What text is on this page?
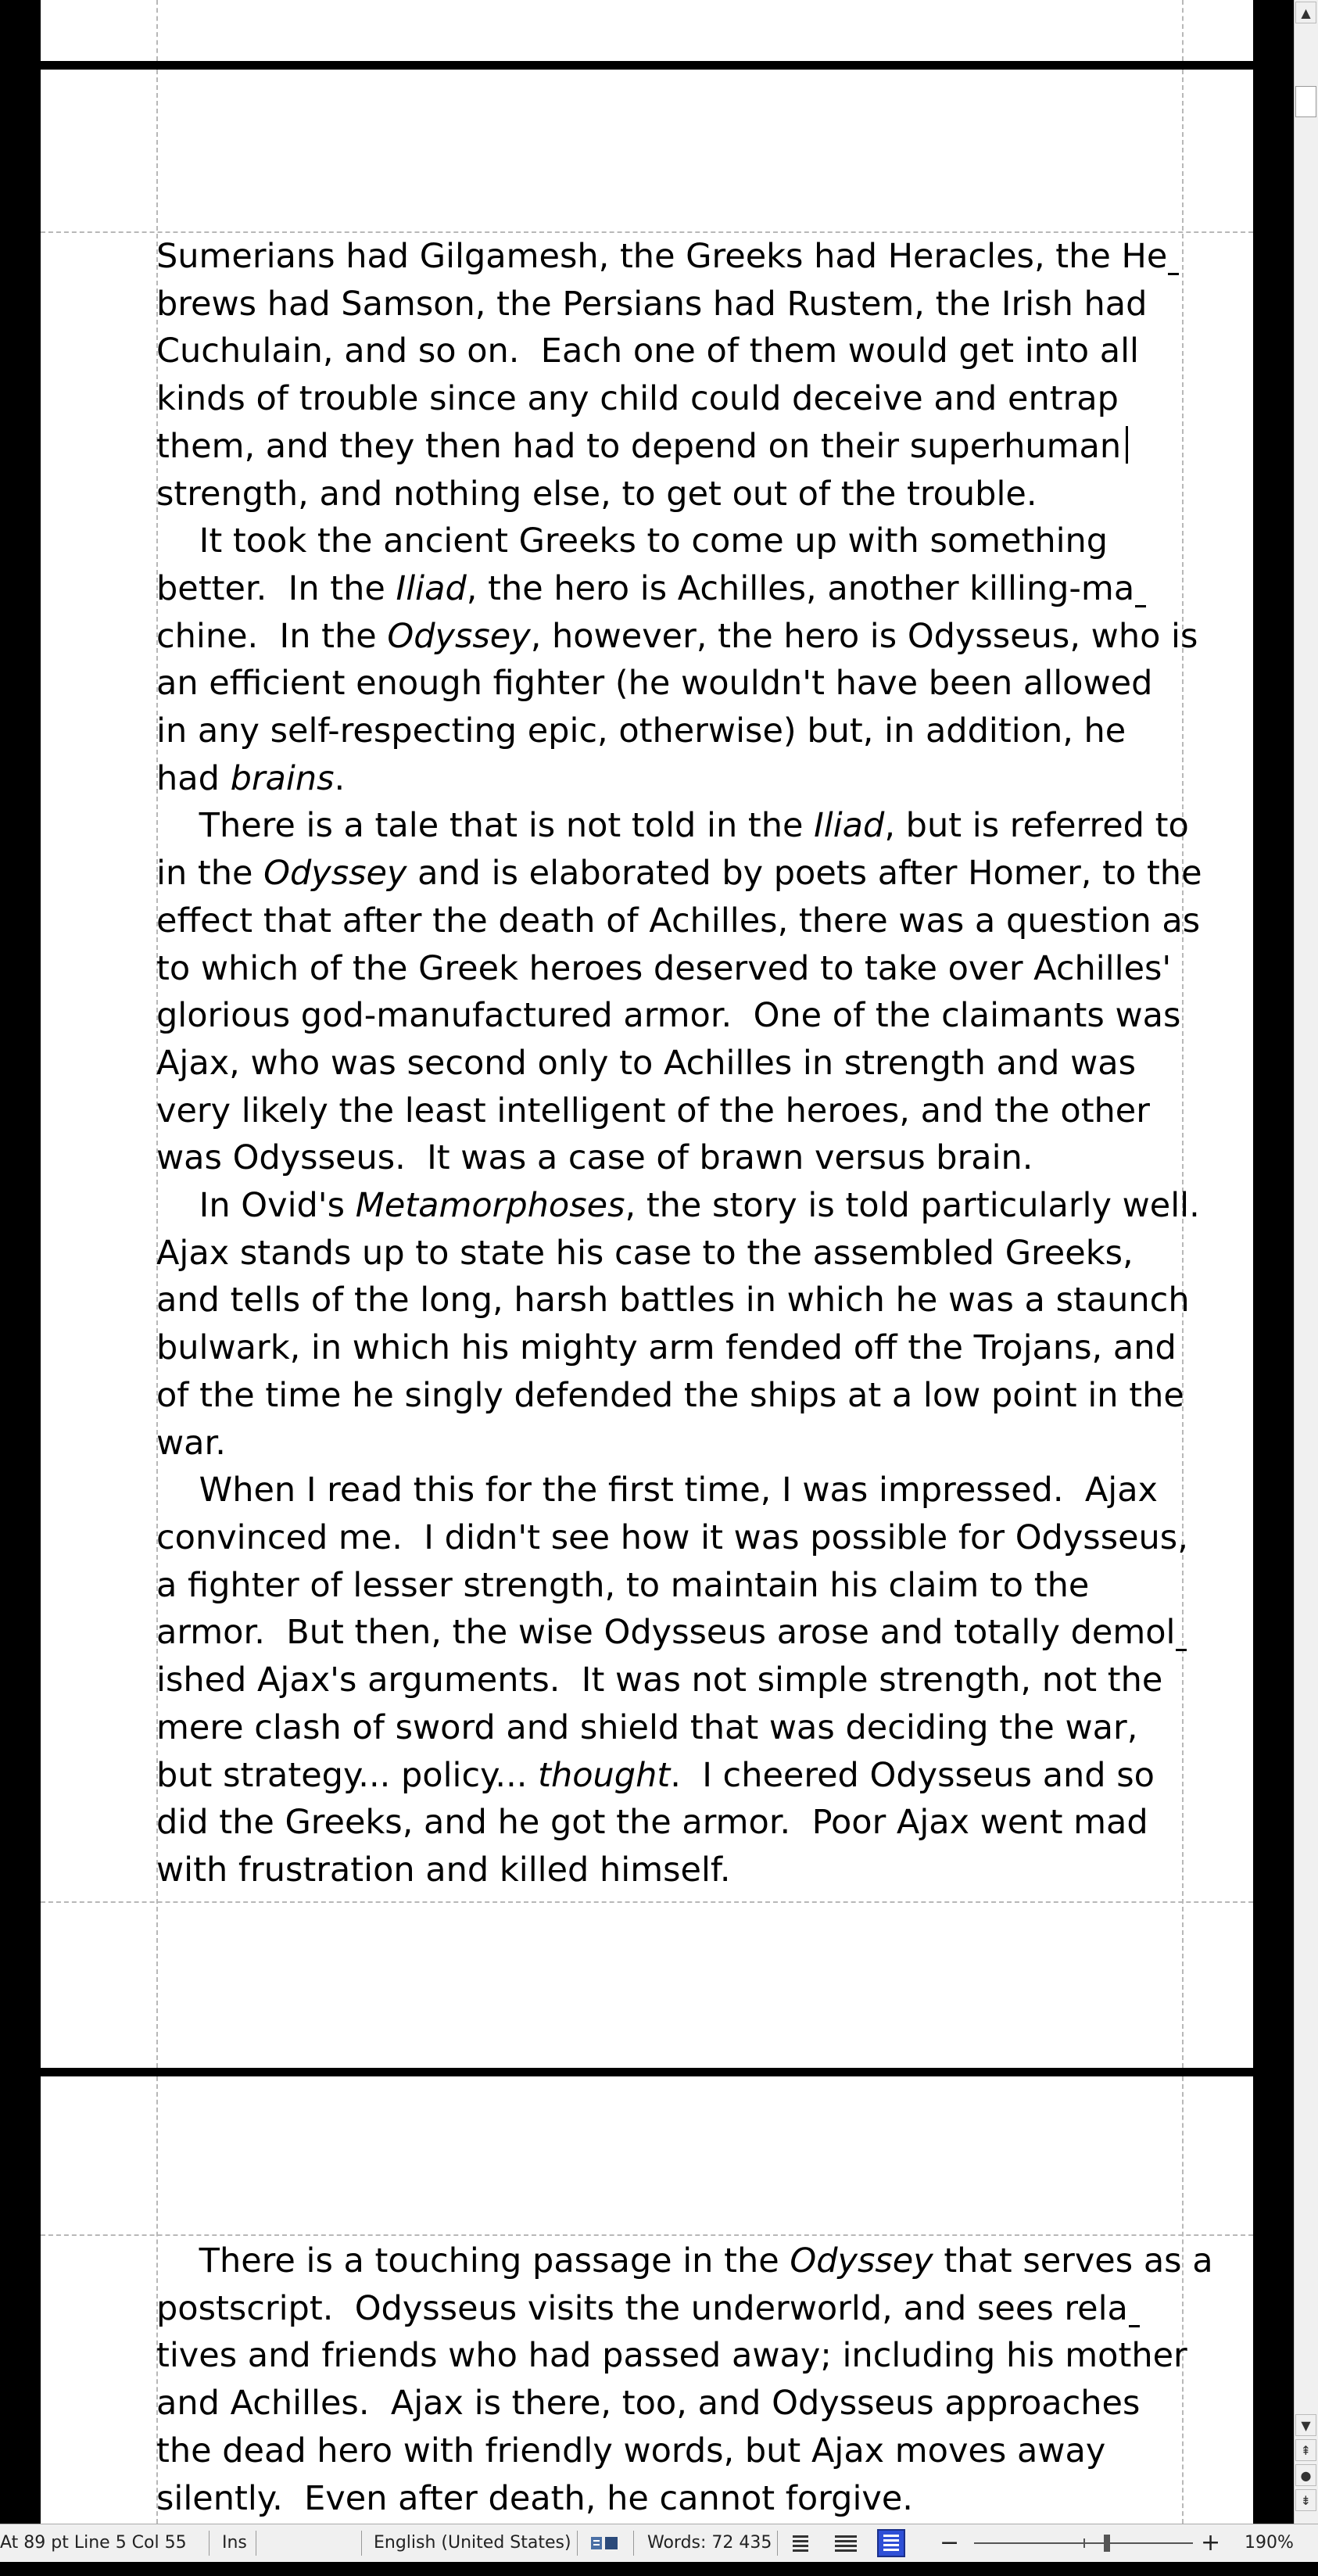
Sumerians had Gilgamesh, the Greeks had Heracles, the He
brews had Samson, the Persians had Rustem, the Irish had
Cuchulain, and so on.  Each one of them would get into all
kinds of trouble since any child could deceive and entrap
them, and they then had to depend on their superhuman
strength, and nothing else, to get out of the trouble.
It took the ancient Greeks to come up with something
better.  In the Iliad, the hero is Achilles, another killing-ma
chine.  In the Odyssey, however, the hero is Odysseus, who is
an efficient enough fighter (he wouldn't have been allowed
in any self-respecting epic, otherwise) but, in addition, he
had brains.
There is a tale that is not told in the Iliad, but is referred to
in the Odyssey and is elaborated by poets after Homer, to the
effect that after the death of Achilles, there was a question as
to which of the Greek heroes deserved to take over Achilles'
glorious god-manufactured armor.  One of the claimants was
Ajax, who was second only to Achilles in strength and was
very likely the least intelligent of the heroes, and the other
was Odysseus.  It was a case of brawn versus brain.
In Ovid's Metamorphoses, the story is told particularly well.
Ajax stands up to state his case to the assembled Greeks,
and tells of the long, harsh battles in which he was a staunch
bulwark, in which his mighty arm fended off the Trojans, and
of the time he singly defended the ships at a low point in the
war.
When I read this for the first time, I was impressed.  Ajax
convinced me.  I didn't see how it was possible for Odysseus,
a fighter of lesser strength, to maintain his claim to the
armor.  But then, the wise Odysseus arose and totally demol
ished Ajax's arguments.  It was not simple strength, not the
mere clash of sword and shield that was deciding the war,
but strategy... policy... thought.  I cheered Odysseus and so
did the Greeks, and he got the armor.  Poor Ajax went mad
with frustration and killed himself.
There is a touching passage in the Odyssey that serves as a
postscript.  Odysseus visits the underworld, and sees rela
tives and friends who had passed away; including his mother
and Achilles.  Ajax is there, too, and Odysseus approaches
the dead hero with friendly words, but Ajax moves away
silently.  Even after death, he cannot forgive.
▲
▼
⇞
●
⇟
At 89 pt Line 5 Col 55 Ins	English (United States)	Words: 72 435	−	+ 190%
